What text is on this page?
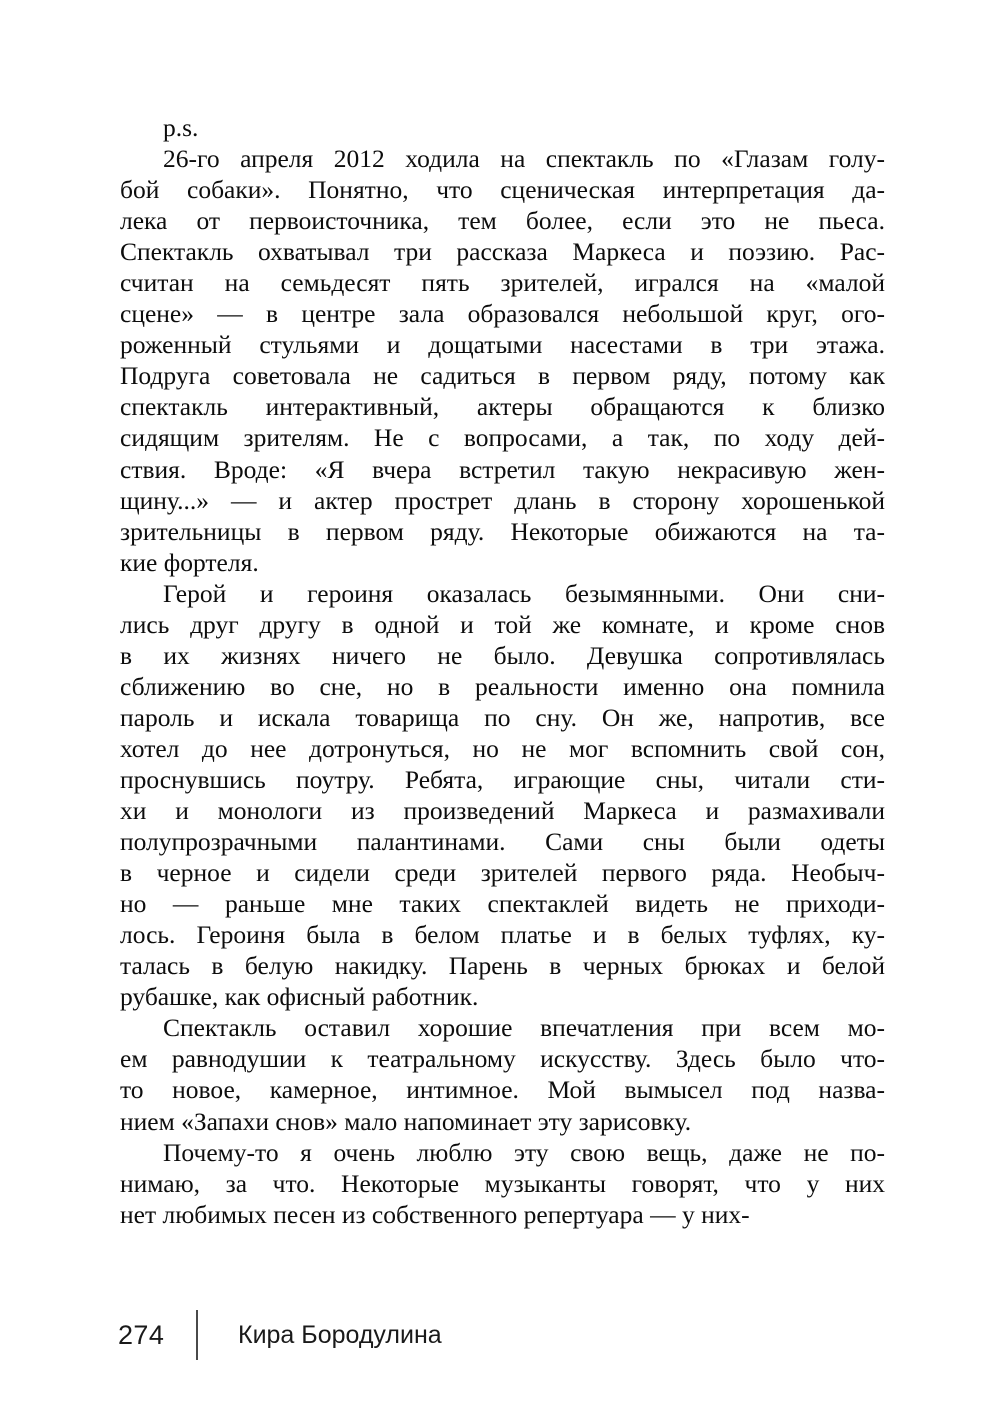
p.s.

26-го апреля 2012 ходила на спектакль по «Глазам голу-
бой собаки». Понятно, что сценическая интерпретация да-
лека от первоисточника, тем более, если это не пьеса.
Спектакль охватывал три рассказа Маркеса и поэзию. Рас-
считан на семьдесят пять зрителей, игрался на «малой
сцене» — в центре зала образовался небольшой круг, ого-
роженный стульями и дощатыми насестами в три этажа.
Подруга советовала не садиться в первом ряду, потому как
спектакль интерактивный, актеры обращаются к близко
сидящим зрителям. Не с вопросами, а так, по ходу дей-
ствия. Вроде: «Я вчера встретил такую некрасивую жен-
щину...» — и актер прострет длань в сторону хорошенькой
зрительницы в первом ряду. Некоторые обижаются на та-
кие фортеля.

Герой и героиня оказалась безымянными. Они сни-
лись друг другу в одной и той же комнате, и кроме снов
в их жизнях ничего не было. Девушка сопротивлялась
сближению во сне, но в реальности именно она помнила
пароль и искала товарища по сну. Он же, напротив, все
хотел до нее дотронуться, но не мог вспомнить свой сон,
проснувшись поутру. Ребята, играющие сны, читали сти-
хи и монологи из произведений Маркеса и размахивали
полупрозрачными палантинами. Сами сны были одеты
в черное и сидели среди зрителей первого ряда. Необыч-
но — раньше мне таких спектаклей видеть не приходи-
лось. Героиня была в белом платье и в белых туфлях, ку-
талась в белую накидку. Парень в черных брюках и белой
рубашке, как офисный работник.

Спектакль оставил хорошие впечатления при всем мо-
ем равнодушии к театральному искусству. Здесь было что-
то новое, камерное, интимное. Мой вымысел под назва-
нием «Запахи снов» мало напоминает эту зарисовку.

Почему-то я очень люблю эту свою вещь, даже не по-
нимаю, за что. Некоторые музыканты говорят, что у них
нет любимых песен из собственного репертуара — у них-

274	Кира Бородулина
